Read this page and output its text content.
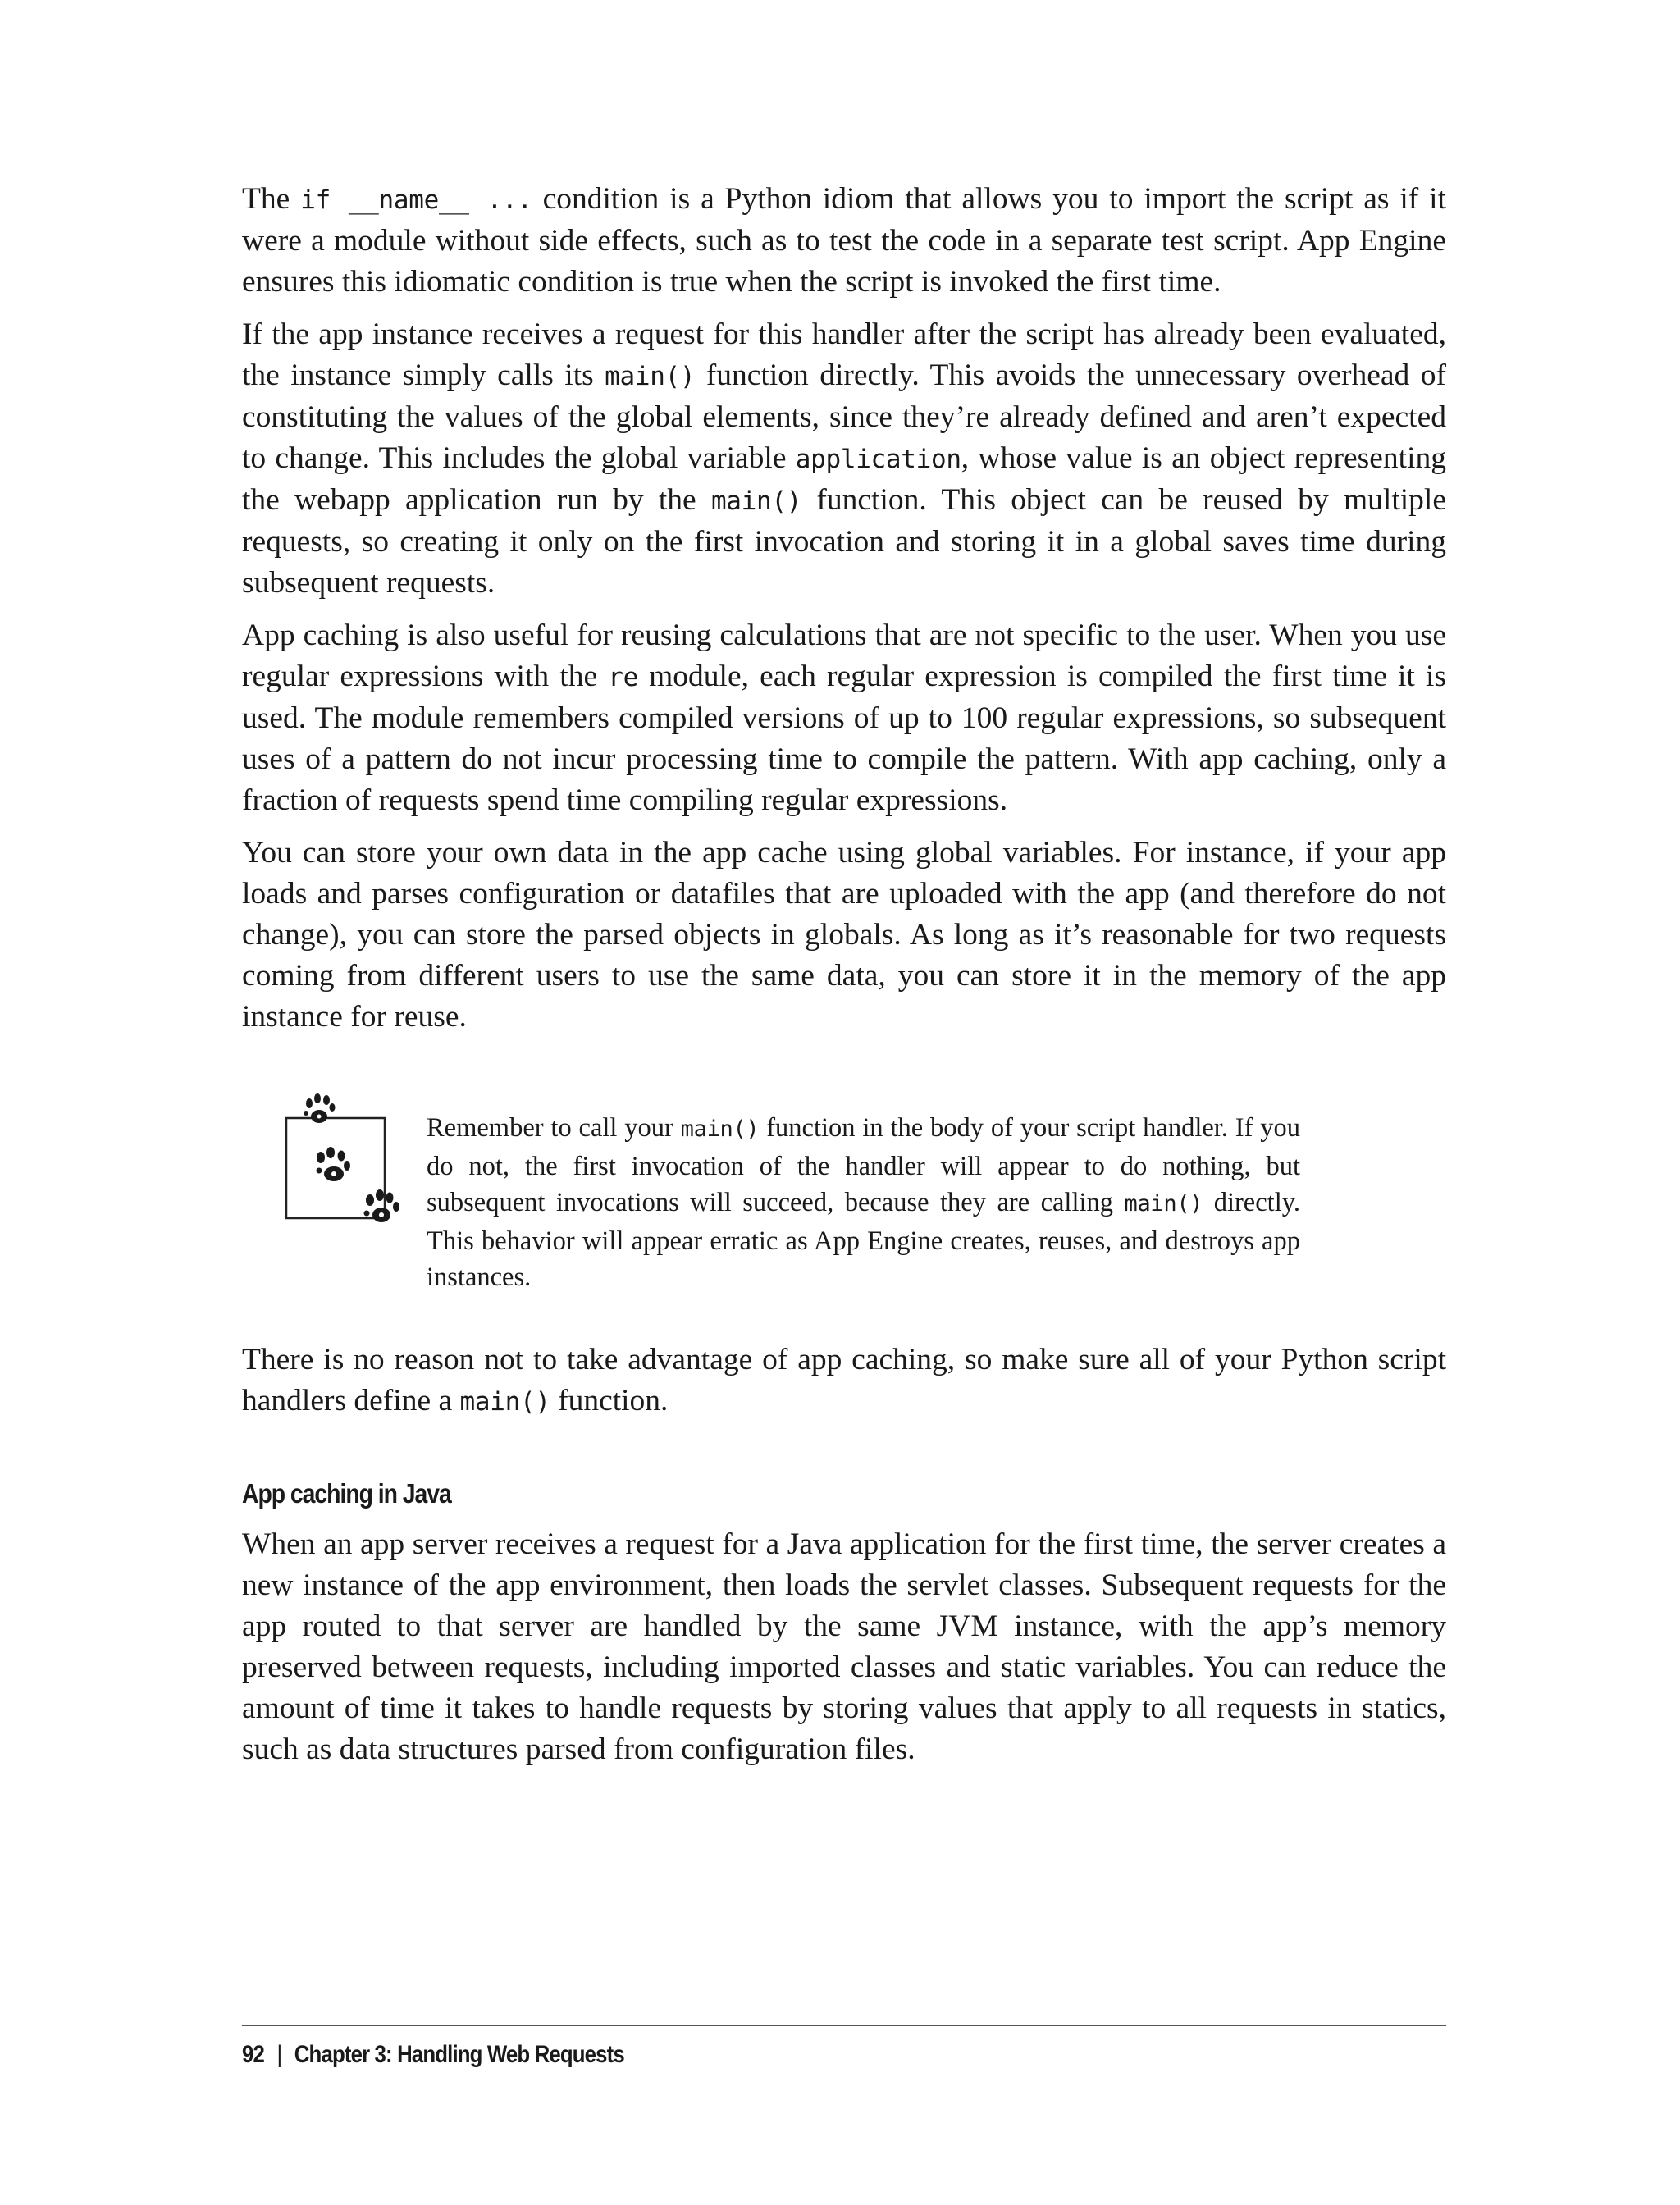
The if __name__ ... condition is a Python idiom that allows you to import the script as if it were a module without side effects, such as to test the code in a separate test script. App Engine ensures this idiomatic condition is true when the script is invoked the first time.

If the app instance receives a request for this handler after the script has already been evaluated, the instance simply calls its main() function directly. This avoids the unnecessary overhead of constituting the values of the global elements, since they’re already defined and aren’t expected to change. This includes the global variable application, whose value is an object representing the webapp application run by the main() function. This object can be reused by multiple requests, so creating it only on the first invocation and storing it in a global saves time during subsequent requests.

App caching is also useful for reusing calculations that are not specific to the user. When you use regular expressions with the re module, each regular expression is compiled the first time it is used. The module remembers compiled versions of up to 100 regular expressions, so subsequent uses of a pattern do not incur processing time to compile the pattern. With app caching, only a fraction of requests spend time compiling regular expressions.

You can store your own data in the app cache using global variables. For instance, if your app loads and parses configuration or datafiles that are uploaded with the app (and therefore do not change), you can store the parsed objects in globals. As long as it’s reasonable for two requests coming from different users to use the same data, you can store it in the memory of the app instance for reuse.

Remember to call your main() function in the body of your script handler. If you do not, the first invocation of the handler will appear to do nothing, but subsequent invocations will succeed, because they are calling main() directly. This behavior will appear erratic as App Engine creates, reuses, and destroys app instances.

There is no reason not to take advantage of app caching, so make sure all of your Python script handlers define a main() function.

App caching in Java

When an app server receives a request for a Java application for the first time, the server creates a new instance of the app environment, then loads the servlet classes. Subsequent requests for the app routed to that server are handled by the same JVM instance, with the app’s memory preserved between requests, including imported classes and static variables. You can reduce the amount of time it takes to handle requests by storing values that apply to all requests in statics, such as data structures parsed from configuration files.

92 | Chapter 3: Handling Web Requests
